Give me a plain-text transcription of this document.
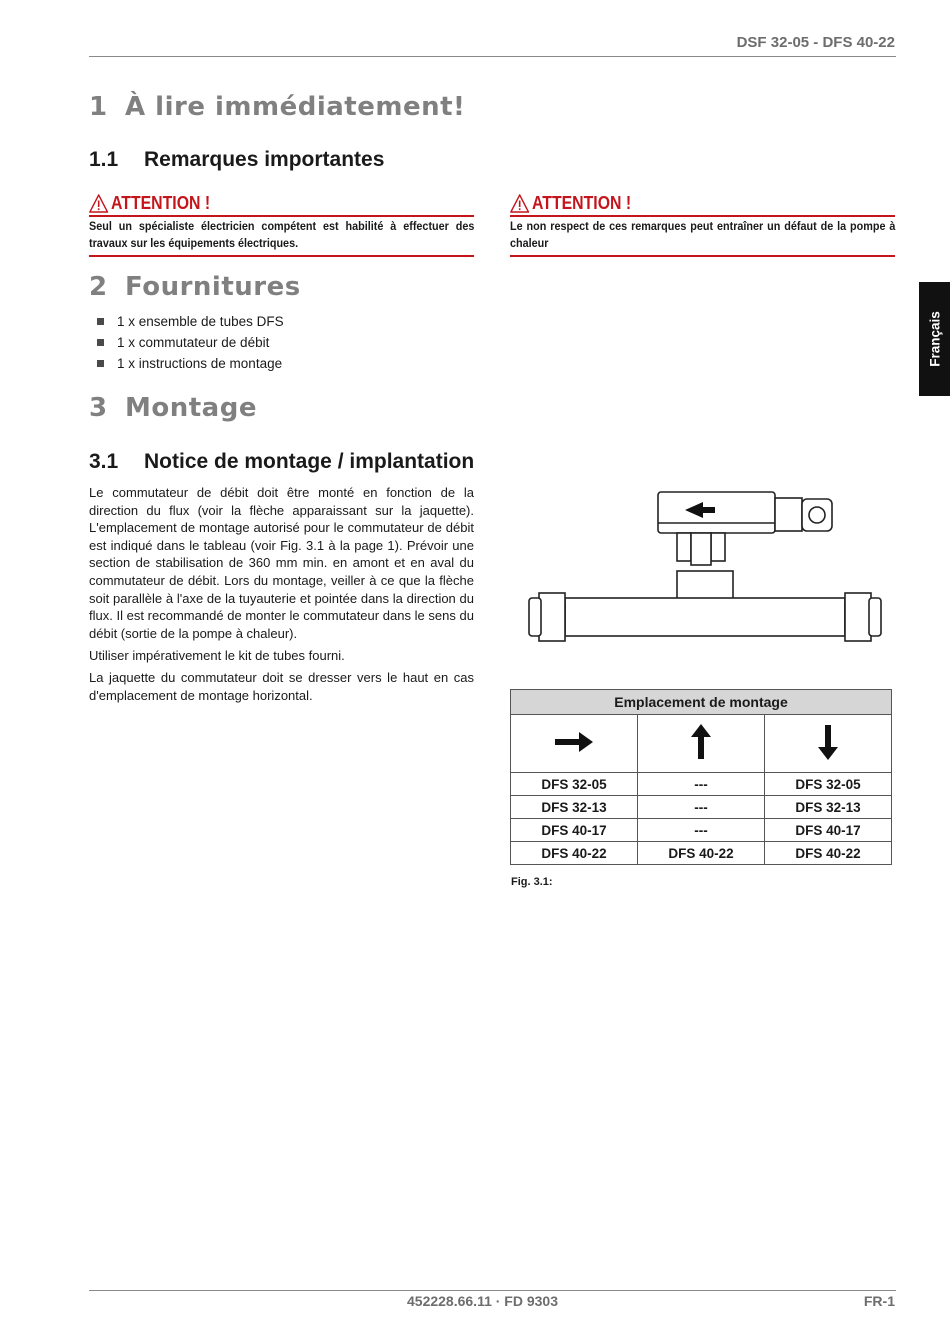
DSF 32-05 - DFS 40-22
1 À lire immédiatement!
1.1 Remarques importantes
ATTENTION !
Seul un spécialiste électricien compétent est habilité à effectuer des travaux sur les équipements électriques.
ATTENTION !
Le non respect de ces remarques peut entraîner un défaut de la pompe à chaleur
2 Fournitures
1 x ensemble de tubes DFS
1 x commutateur de débit
1 x instructions de montage
3 Montage
3.1 Notice de montage / implantation

Le commutateur de débit doit être monté en fonction de la direction du flux (voir la flèche apparaissant sur la jaquette). L'emplacement de montage autorisé pour le commutateur de débit est indiqué dans le tableau (voir Fig. 3.1 à la page 1). Prévoir une section de stabilisation de 360 mm min. en amont et en aval du commutateur de débit. Lors du montage, veiller à ce que la flèche soit parallèle à l'axe de la tuyauterie et pointée dans la direction du flux. Il est recommandé de monter le commutateur dans le sens du débit (sortie de la pompe à chaleur).

Utiliser impérativement le kit de tubes fourni.

La jaquette du commutateur doit se dresser vers le haut en cas d'emplacement de montage horizontal.

Français
Emplacement de montage		

DFS 32-05	---	DFS 32-05
DFS 32-13	---	DFS 32-13
DFS 40-17	---	DFS 40-17
DFS 40-22	DFS 40-22	DFS 40-22
Fig. 3.1:
452228.66.11 · FD 9303	FR-1
